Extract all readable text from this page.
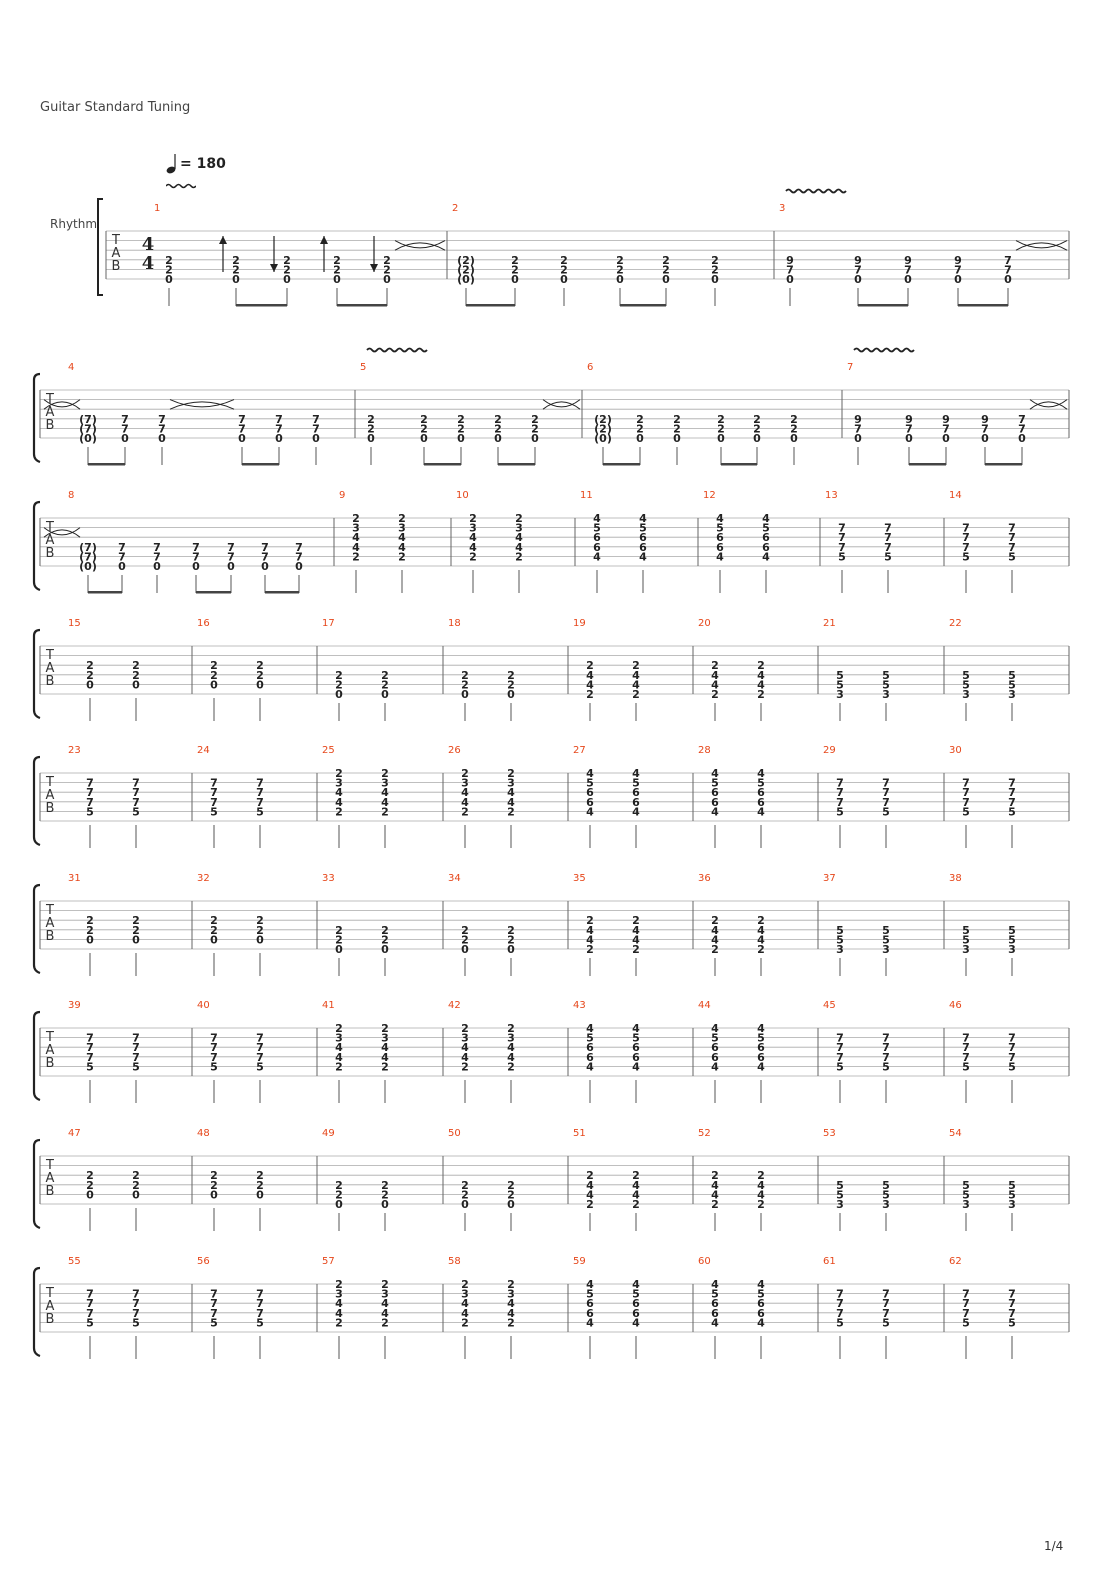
Guitar Standard Tuning
= 180
Rhythm
T
A
B
4
4
1
2
2
0
2
2
0
2
2
0
2
2
0
2
2
0
2
(2)
(2)
(0)
2
2
0
2
2
0
2
2
0
2
2
0
2
2
0
3
9
7
0
9
7
0
9
7
0
9
7
0
7
7
0
T
A
B
4
(7)
(7)
(0)
7
7
0
7
7
0
7
7
0
7
7
0
7
7
0
5
2
2
0
2
2
0
2
2
0
2
2
0
2
2
0
6
(2)
(2)
(0)
2
2
0
2
2
0
2
2
0
2
2
0
2
2
0
7
9
7
0
9
7
0
9
7
0
9
7
0
7
7
0
T
A
B
8
(7)
(7)
(0)
7
7
0
7
7
0
7
7
0
7
7
0
7
7
0
7
7
0
9
2
3
4
4
2
2
3
4
4
2
10
2
3
4
4
2
2
3
4
4
2
11
4
5
6
6
4
4
5
6
6
4
12
4
5
6
6
4
4
5
6
6
4
13
7
7
7
5
7
7
7
5
14
7
7
7
5
7
7
7
5
T
A
B
15
2
2
0
2
2
0
16
2
2
0
2
2
0
17
2
2
0
2
2
0
18
2
2
0
2
2
0
19
2
4
4
2
2
4
4
2
20
2
4
4
2
2
4
4
2
21
5
5
3
5
5
3
22
5
5
3
5
5
3
T
A
B
23
7
7
7
5
7
7
7
5
24
7
7
7
5
7
7
7
5
25
2
3
4
4
2
2
3
4
4
2
26
2
3
4
4
2
2
3
4
4
2
27
4
5
6
6
4
4
5
6
6
4
28
4
5
6
6
4
4
5
6
6
4
29
7
7
7
5
7
7
7
5
30
7
7
7
5
7
7
7
5
T
A
B
31
2
2
0
2
2
0
32
2
2
0
2
2
0
33
2
2
0
2
2
0
34
2
2
0
2
2
0
35
2
4
4
2
2
4
4
2
36
2
4
4
2
2
4
4
2
37
5
5
3
5
5
3
38
5
5
3
5
5
3
T
A
B
39
7
7
7
5
7
7
7
5
40
7
7
7
5
7
7
7
5
41
2
3
4
4
2
2
3
4
4
2
42
2
3
4
4
2
2
3
4
4
2
43
4
5
6
6
4
4
5
6
6
4
44
4
5
6
6
4
4
5
6
6
4
45
7
7
7
5
7
7
7
5
46
7
7
7
5
7
7
7
5
T
A
B
47
2
2
0
2
2
0
48
2
2
0
2
2
0
49
2
2
0
2
2
0
50
2
2
0
2
2
0
51
2
4
4
2
2
4
4
2
52
2
4
4
2
2
4
4
2
53
5
5
3
5
5
3
54
5
5
3
5
5
3
T
A
B
55
7
7
7
5
7
7
7
5
56
7
7
7
5
7
7
7
5
57
2
3
4
4
2
2
3
4
4
2
58
2
3
4
4
2
2
3
4
4
2
59
4
5
6
6
4
4
5
6
6
4
60
4
5
6
6
4
4
5
6
6
4
61
7
7
7
5
7
7
7
5
62
7
7
7
5
7
7
7
5
1/4
